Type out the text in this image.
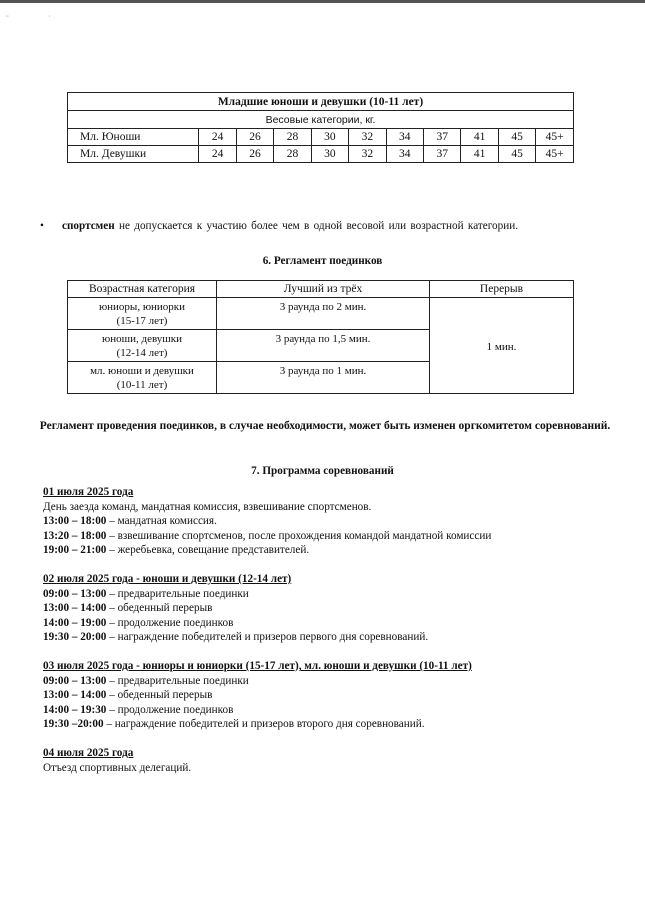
„‚
Младшие юноши и девушки (10-11 лет)										
Весовые категории, кг.										
Мл. Юноши	24	26	28	30	32	34	37	41	45	45+
Мл. Девушки	24	26	28	30	32	34	37	41	45	45+
• спортсмен не допускается к участию более чем в одной весовой или возрастной категории.
6. Регламент поединков
Возрастная категория	Лучший из трёх	Перерыв

юниоры, юниорки
(15-17 лет)	3 раунда по 2 мин.	1 мин.

юноши, девушки
(12-14 лет)	3 раунда по 1,5 мин.	

мл. юноши и девушки
(10-11 лет)	3 раунда по 1 мин.	
Регламент проведения поединков, в случае необходимости, может быть изменен оргкомитетом соревнований.
7. Программа соревнований
01 июля 2025 года
День заезда команд, мандатная комиссия, взвешивание спортсменов.
13:00 – 18:00 – мандатная комиссия.
13:20 – 18:00 – взвешивание спортсменов, после прохождения командой мандатной комиссии
19:00 – 21:00 – жеребьевка, совещание представителей.
02 июля 2025 года - юноши и девушки (12-14 лет)
09:00 – 13:00 – предварительные поединки
13:00 – 14:00 – обеденный перерыв
14:00 – 19:00 – продолжение поединков
19:30 – 20:00 – награждение победителей и призеров первого дня соревнований.
03 июля 2025 года - юниоры и юниорки (15-17 лет), мл. юноши и девушки (10-11 лет)
09:00 – 13:00 – предварительные поединки
13:00 – 14:00 – обеденный перерыв
14:00 – 19:30 – продолжение поединков
19:30 –20:00 – награждение победителей и призеров второго дня соревнований.
04 июля 2025 года
Отъезд спортивных делегаций.
